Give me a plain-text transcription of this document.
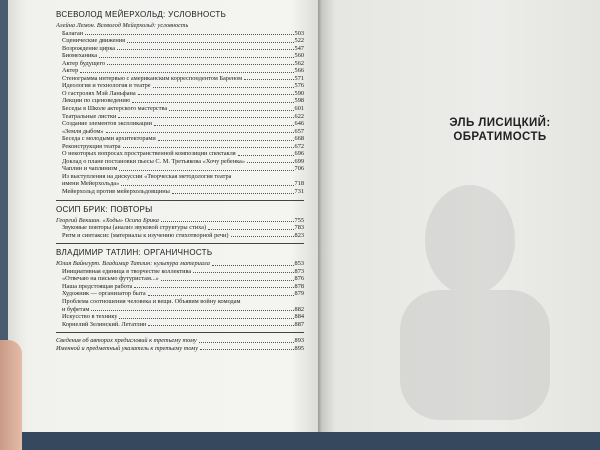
ВСЕВОЛОД МЕЙЕРХОЛЬД: УСЛОВНОСТЬ
Алейна Лемон. Всеволод Мейерхольд: условность
Балаган	503
Сценические движения	522
Возрождение цирка	547
Биомеханика	560
Актер будущего	562
Актер	566
Стенограмма интервью с американским корреспондентом Бареном	571
Идеология и технология в театре	576
О гастролях Мэй Ланьфана	590
Лекции по сценоведению	598
Беседы в Школе актерского мастерства	601
Театральные листки	622
Создание элементов экспликации	646
«Земля дыбом»	657
Беседа с молодыми архитекторами	668
Реконструкция театра	672
О некоторых вопросах пространственной композиции спектакля	696
Доклад о плане постановки пьесы С. М. Третьякова «Хочу ребенка»	699
Чаплин и чаплинизм	706
Из выступления на дискуссии «Творческая методология театра
имени Мейерхольда»	718
Мейерхольд против мейерхольдовщины	731
ОСИП БРИК: ПОВТОРЫ
Георгий Векшин. «Ходы» Осипа Брика	755
Звуковые повторы (анализ звуковой структуры стиха)	783
Ритм и синтаксис (материалы к изучению стихотворной речи)	823
ВЛАДИМИР ТАТЛИН: ОРГАНИЧНОСТЬ
Юлия Вайнгурт. Владимир Татлин: культура материала	853
Инициативная единица в творчестве коллектива	873
«Отвечаю на письмо футуристам...»	876
Наша предстоящая работа	878
Художник — организатор быта	879
Проблема соотношения человека и вещи. Объявим войну комодам
и буфетам	882
Искусство в технику	884
Корнелий Зелинский. Летатлин	887
Сведения об авторах предисловий к третьему тому	893
Именной и предметный указатель к третьему тому	895
ЭЛЬ ЛИСИЦКИЙ:
ОБРАТИМОСТЬ
